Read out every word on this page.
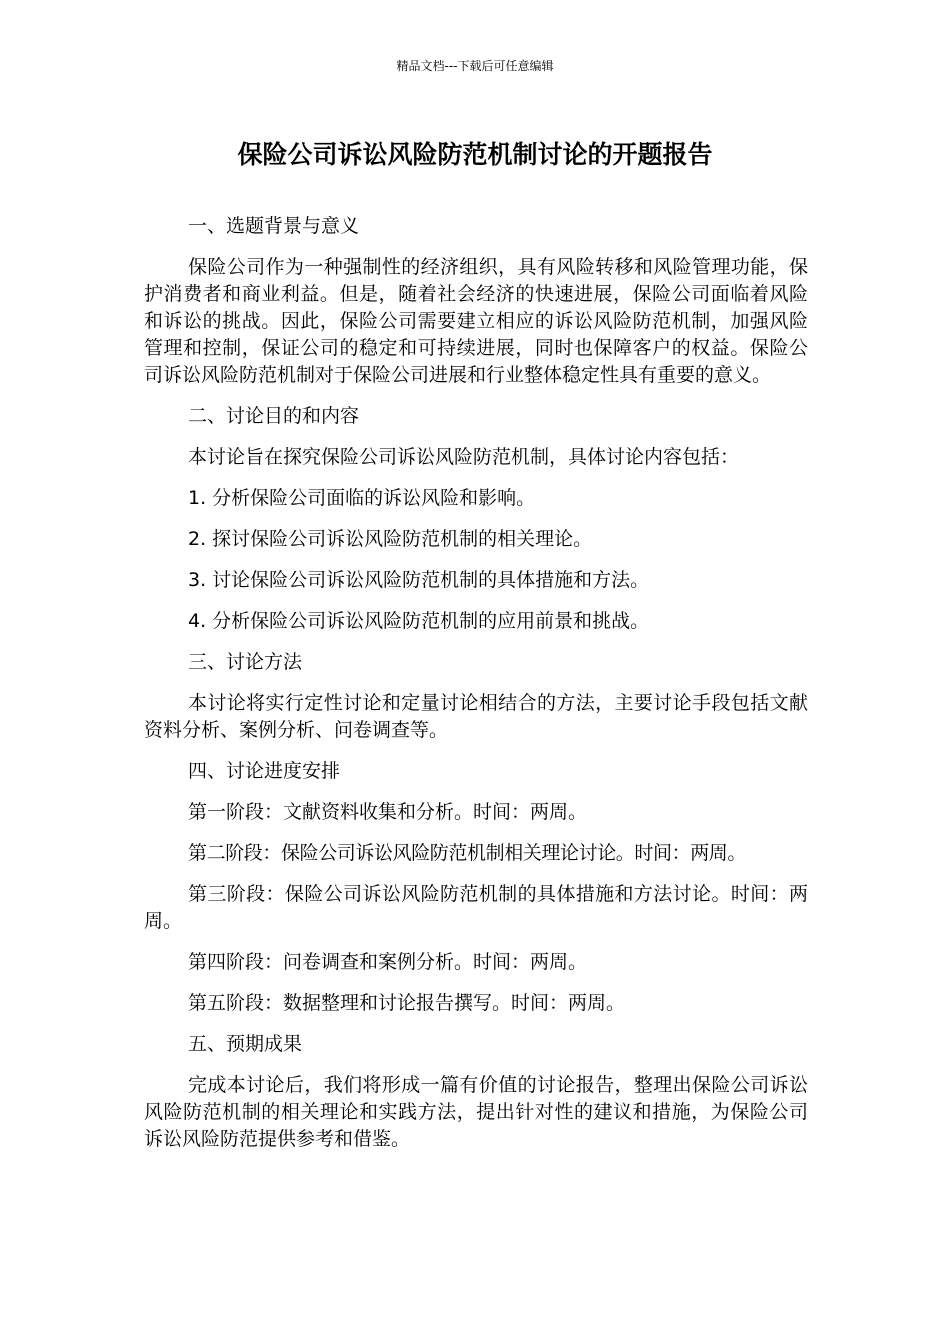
精品文档---下载后可任意编辑
保险公司诉讼风险防范机制讨论的开题报告

一、选题背景与意义

保险公司作为一种强制性的经济组织，具有风险转移和风险管理功能，保护消费者和商业利益。但是，随着社会经济的快速进展，保险公司面临着风险和诉讼的挑战。因此，保险公司需要建立相应的诉讼风险防范机制，加强风险管理和控制，保证公司的稳定和可持续进展，同时也保障客户的权益。保险公司诉讼风险防范机制对于保险公司进展和行业整体稳定性具有重要的意义。

二、讨论目的和内容

本讨论旨在探究保险公司诉讼风险防范机制，具体讨论内容包括：

1. 分析保险公司面临的诉讼风险和影响。

2. 探讨保险公司诉讼风险防范机制的相关理论。

3. 讨论保险公司诉讼风险防范机制的具体措施和方法。

4. 分析保险公司诉讼风险防范机制的应用前景和挑战。

三、讨论方法

本讨论将实行定性讨论和定量讨论相结合的方法，主要讨论手段包括文献资料分析、案例分析、问卷调查等。

四、讨论进度安排

第一阶段：文献资料收集和分析。时间：两周。

第二阶段：保险公司诉讼风险防范机制相关理论讨论。时间：两周。

第三阶段：保险公司诉讼风险防范机制的具体措施和方法讨论。时间：两周。

第四阶段：问卷调查和案例分析。时间：两周。

第五阶段：数据整理和讨论报告撰写。时间：两周。

五、预期成果

完成本讨论后，我们将形成一篇有价值的讨论报告，整理出保险公司诉讼风险防范机制的相关理论和实践方法，提出针对性的建议和措施，为保险公司诉讼风险防范提供参考和借鉴。
